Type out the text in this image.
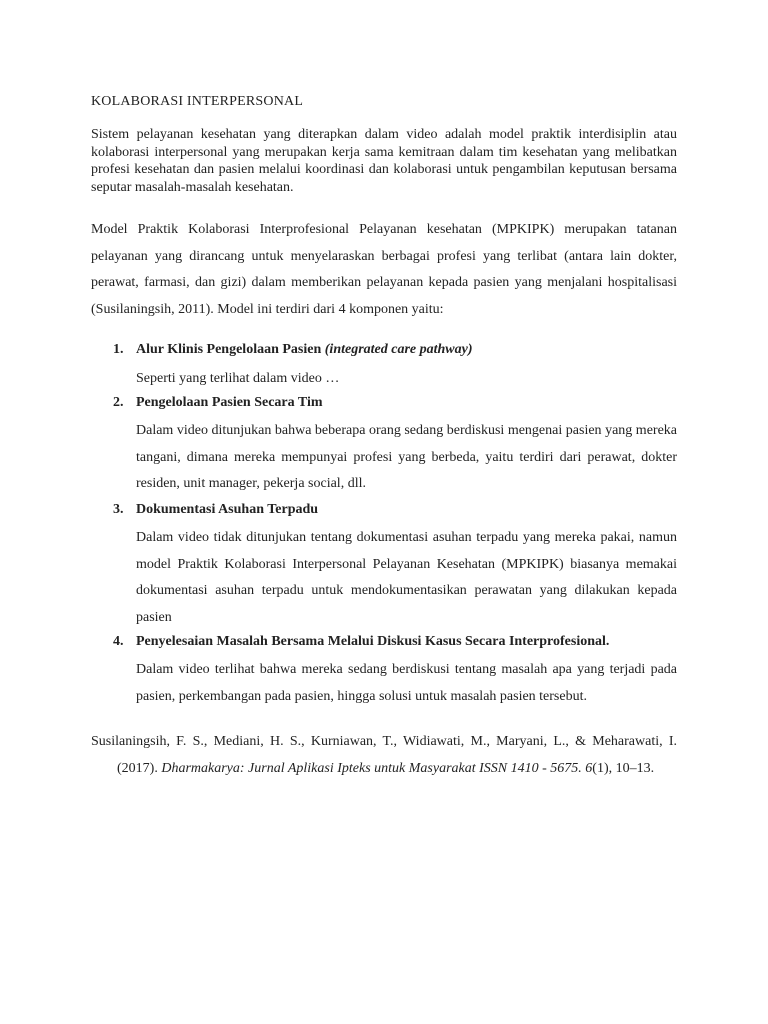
KOLABORASI INTERPERSONAL
Sistem pelayanan kesehatan yang diterapkan dalam video adalah model praktik interdisiplin atau kolaborasi interpersonal yang merupakan kerja sama kemitraan dalam tim kesehatan yang melibatkan profesi kesehatan dan pasien melalui koordinasi dan kolaborasi untuk pengambilan keputusan bersama seputar masalah-masalah kesehatan.
Model Praktik Kolaborasi Interprofesional Pelayanan kesehatan (MPKIPK) merupakan tatanan pelayanan yang dirancang untuk menyelaraskan berbagai profesi yang terlibat (antara lain dokter, perawat, farmasi, dan gizi) dalam memberikan pelayanan kepada pasien yang menjalani hospitalisasi (Susilaningsih, 2011). Model ini terdiri dari 4 komponen yaitu:
1. Alur Klinis Pengelolaan Pasien (integrated care pathway)
Seperti yang terlihat dalam video …
2. Pengelolaan Pasien Secara Tim
Dalam video ditunjukan bahwa beberapa orang sedang berdiskusi mengenai pasien yang mereka tangani, dimana mereka mempunyai profesi yang berbeda, yaitu terdiri dari perawat, dokter residen, unit manager, pekerja social, dll.
3. Dokumentasi Asuhan Terpadu
Dalam video tidak ditunjukan tentang dokumentasi asuhan terpadu yang mereka pakai, namun model Praktik Kolaborasi Interpersonal Pelayanan Kesehatan (MPKIPK) biasanya memakai dokumentasi asuhan terpadu untuk mendokumentasikan perawatan yang dilakukan kepada pasien
4. Penyelesaian Masalah Bersama Melalui Diskusi Kasus Secara Interprofesional.
Dalam video terlihat bahwa mereka sedang berdiskusi tentang masalah apa yang terjadi pada pasien, perkembangan pada pasien, hingga solusi untuk masalah pasien tersebut.
Susilaningsih, F. S., Mediani, H. S., Kurniawan, T., Widiawati, M., Maryani, L., & Meharawati, I. (2017). Dharmakarya: Jurnal Aplikasi Ipteks untuk Masyarakat ISSN 1410 - 5675. 6(1), 10–13.
